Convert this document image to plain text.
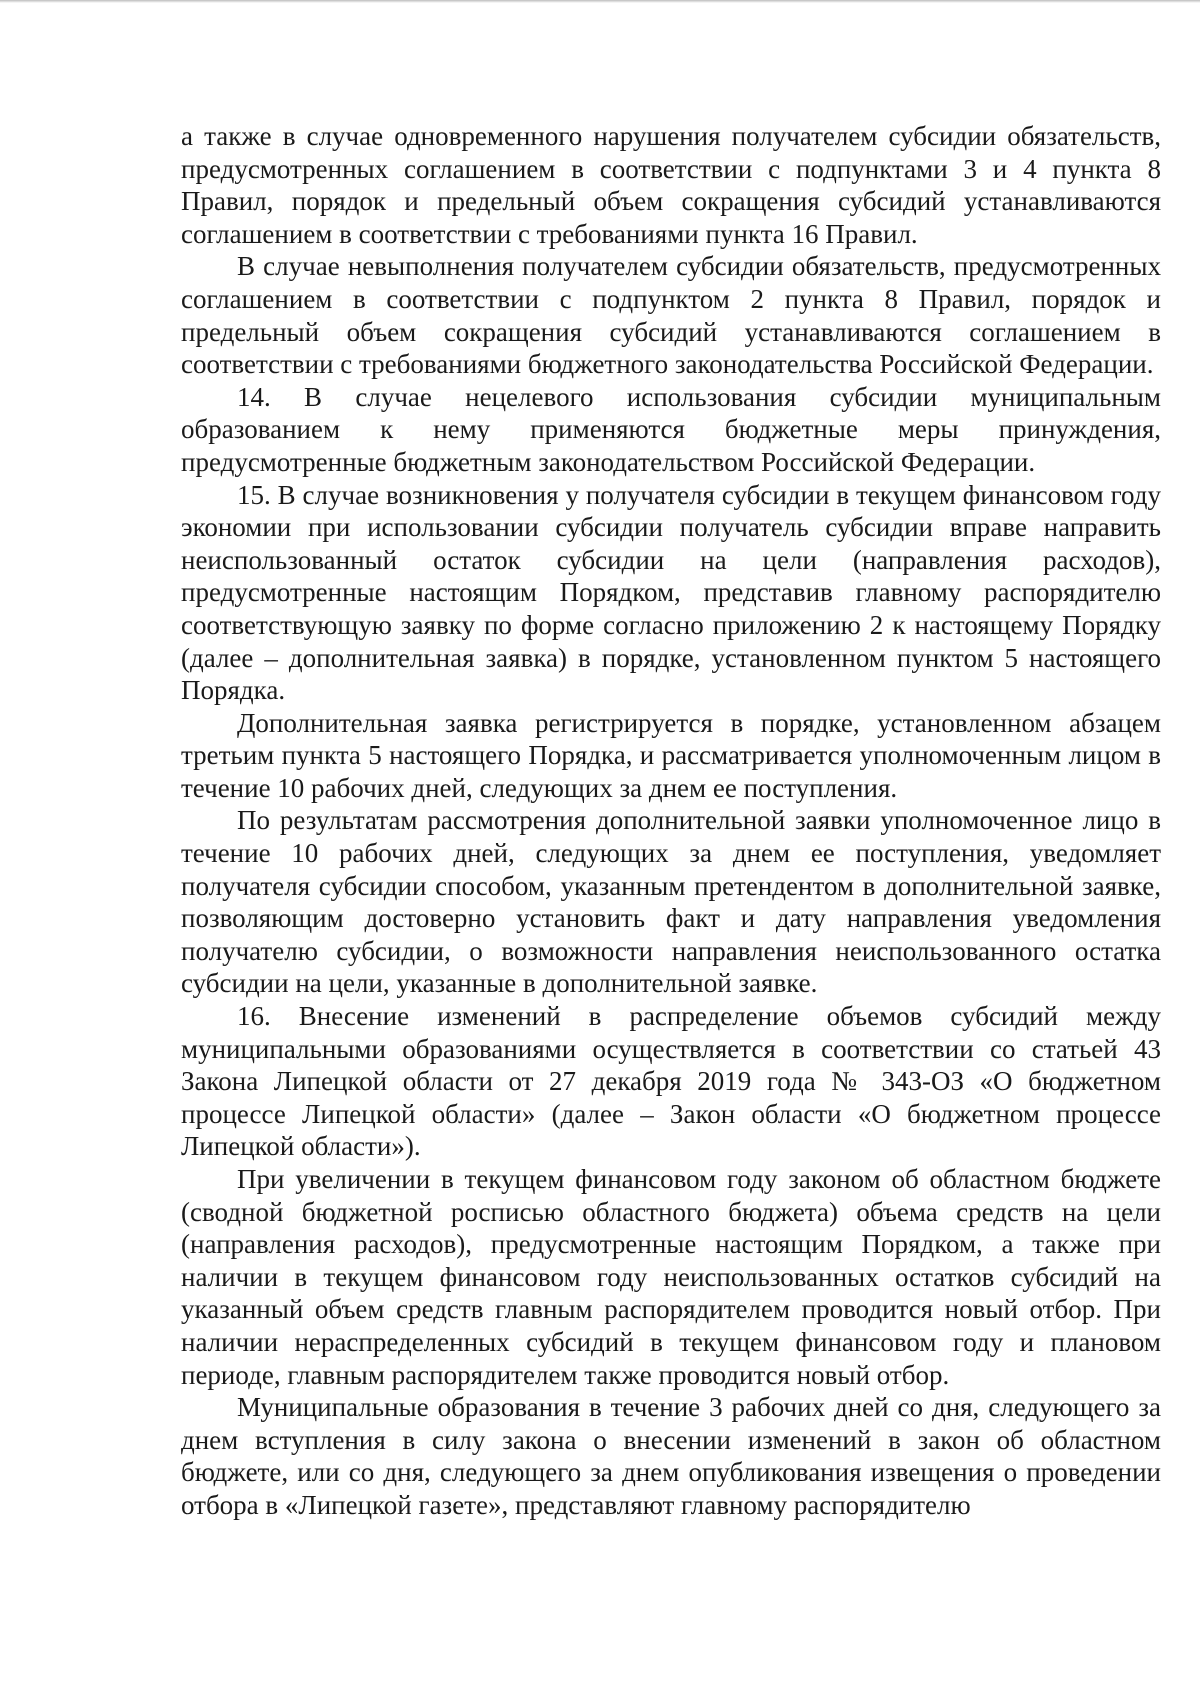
а также в случае одновременного нарушения получателем субсидии обязательств, предусмотренных соглашением в соответствии с подпунктами 3 и 4 пункта 8 Правил, порядок и предельный объем сокращения субсидий устанавливаются соглашением в соответствии с требованиями пункта 16 Правил.

В случае невыполнения получателем субсидии обязательств, предусмотренных соглашением в соответствии с подпунктом 2 пункта 8 Правил, порядок и предельный объем сокращения субсидий устанавливаются соглашением в соответствии с требованиями бюджетного законодательства Российской Федерации.

14. В случае нецелевого использования субсидии муниципальным образованием к нему применяются бюджетные меры принуждения, предусмотренные бюджетным законодательством Российской Федерации.

15. В случае возникновения у получателя субсидии в текущем финансовом году экономии при использовании субсидии получатель субсидии вправе направить неиспользованный остаток субсидии на цели (направления расходов), предусмотренные настоящим Порядком, представив главному распорядителю соответствующую заявку по форме согласно приложению 2 к настоящему Порядку (далее – дополнительная заявка) в порядке, установленном пунктом 5 настоящего Порядка.

Дополнительная заявка регистрируется в порядке, установленном абзацем третьим пункта 5 настоящего Порядка, и рассматривается уполномоченным лицом в течение 10 рабочих дней, следующих за днем ее поступления.

По результатам рассмотрения дополнительной заявки уполномоченное лицо в течение 10 рабочих дней, следующих за днем ее поступления, уведомляет получателя субсидии способом, указанным претендентом в дополнительной заявке, позволяющим достоверно установить факт и дату направления уведомления получателю субсидии, о возможности направления неиспользованного остатка субсидии на цели, указанные в дополнительной заявке.

16. Внесение изменений в распределение объемов субсидий между муниципальными образованиями осуществляется в соответствии со статьей 43 Закона Липецкой области от 27 декабря 2019 года № 343-ОЗ «О бюджетном процессе Липецкой области» (далее – Закон области «О бюджетном процессе Липецкой области»).

При увеличении в текущем финансовом году законом об областном бюджете (сводной бюджетной росписью областного бюджета) объема средств на цели (направления расходов), предусмотренные настоящим Порядком, а также при наличии в текущем финансовом году неиспользованных остатков субсидий на указанный объем средств главным распорядителем проводится новый отбор. При наличии нераспределенных субсидий в текущем финансовом году и плановом периоде, главным распорядителем также проводится новый отбор.

Муниципальные образования в течение 3 рабочих дней со дня, следующего за днем вступления в силу закона о внесении изменений в закон об областном бюджете, или со дня, следующего за днем опубликования извещения о проведении отбора в «Липецкой газете», представляют главному распорядителю
